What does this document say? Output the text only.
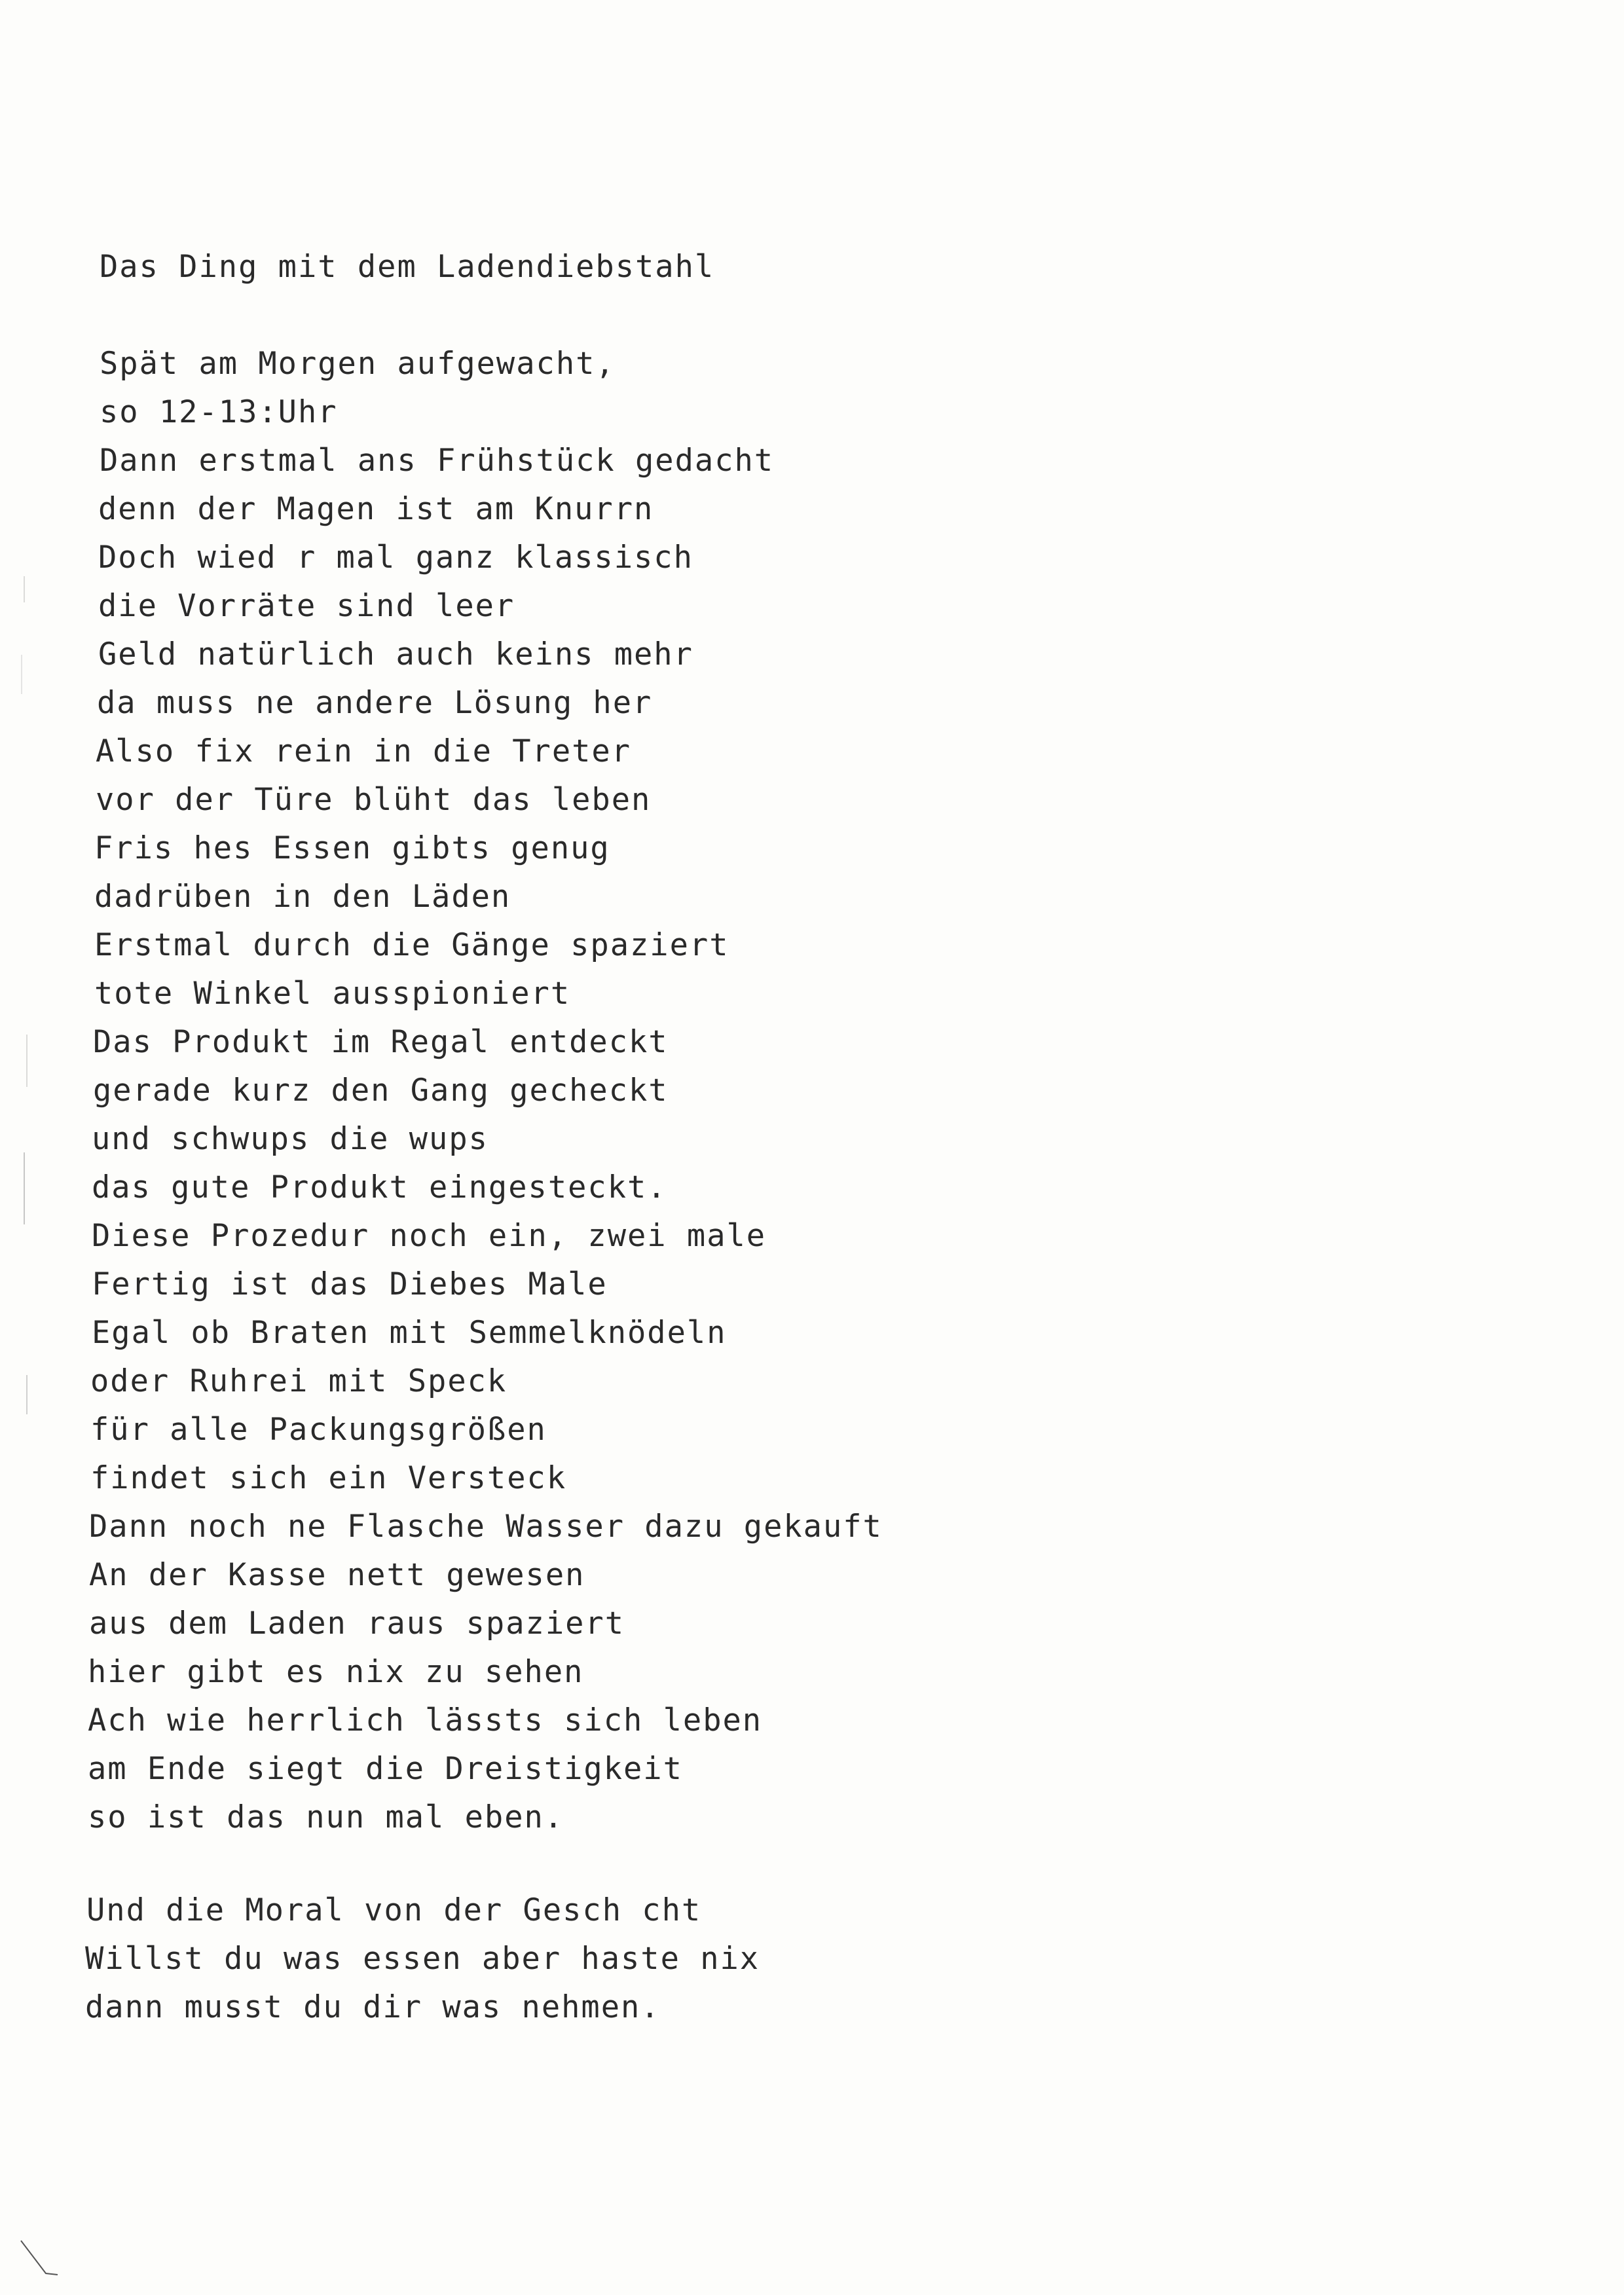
Das Ding mit dem Ladendiebstahl
Spät am Morgen aufgewacht,
so 12-13:Uhr
Dann erstmal ans Frühstück gedacht
denn der Magen ist am Knurrn
Doch wied r mal ganz klassisch
die Vorräte sind leer
Geld natürlich auch keins mehr
da muss ne andere Lösung her
Also fix rein in die Treter
vor der Türe blüht das leben
Fris hes Essen gibts genug
dadrüben in den Läden
Erstmal durch die Gänge spaziert
tote Winkel ausspioniert
Das Produkt im Regal entdeckt
gerade kurz den Gang gecheckt
und schwups die wups
das gute Produkt eingesteckt.
Diese Prozedur noch ein, zwei male
Fertig ist das Diebes Male
Egal ob Braten mit Semmelknödeln
oder Ruhrei mit Speck
für alle Packungsgrößen
findet sich ein Versteck
Dann noch ne Flasche Wasser dazu gekauft
An der Kasse nett gewesen
aus dem Laden raus spaziert
hier gibt es nix zu sehen
Ach wie herrlich lässts sich leben
am Ende siegt die Dreistigkeit
so ist das nun mal eben.
Und die Moral von der Gesch cht
Willst du was essen aber haste nix
dann musst du dir was nehmen.
